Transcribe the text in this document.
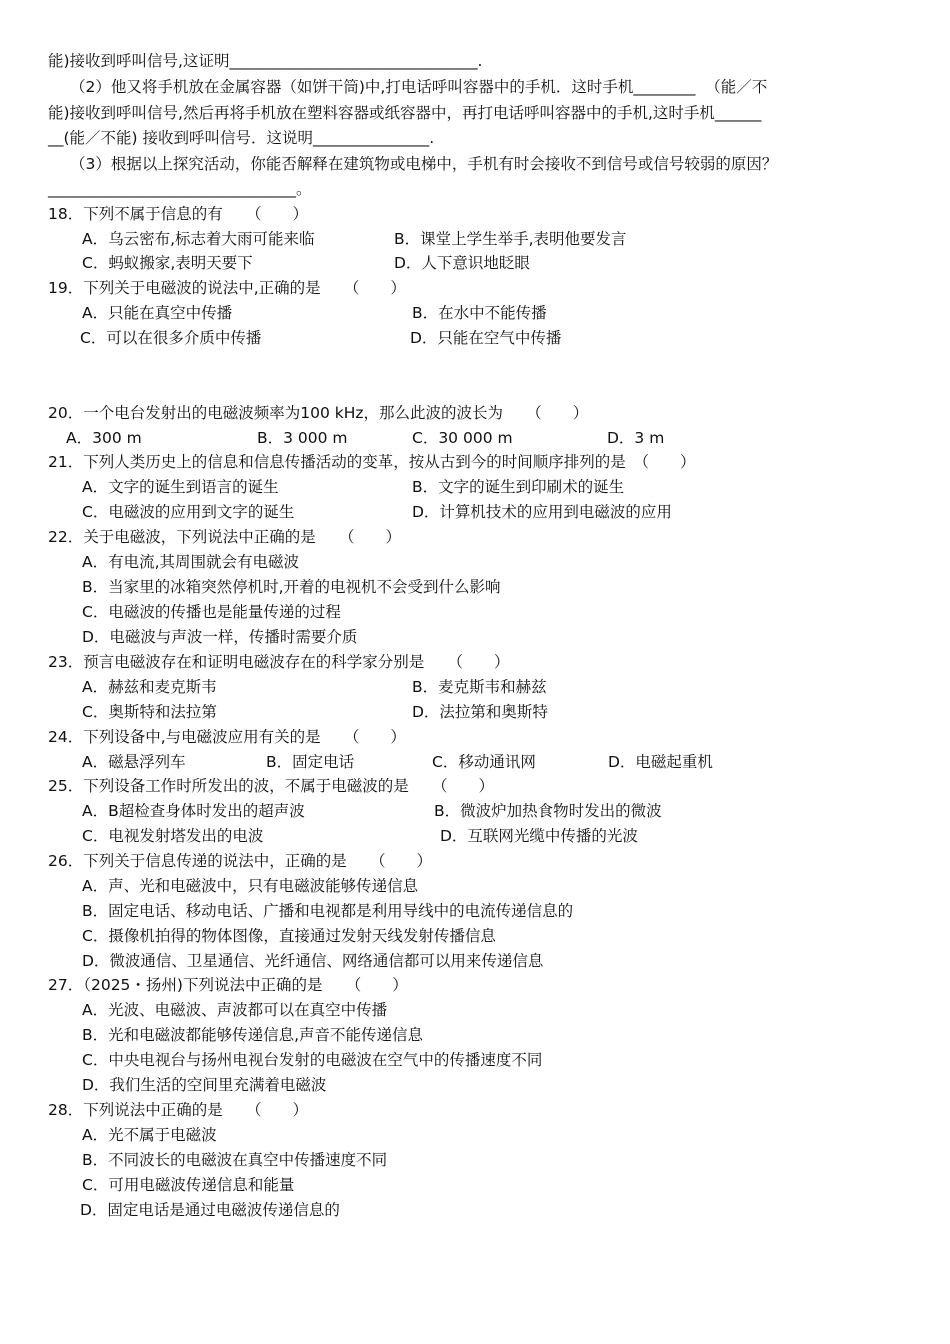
能)接收到呼叫信号,这证明________________________________.
（2）他又将手机放在金属容器（如饼干筒)中,打电话呼叫容器中的手机．这时手机________  （能／不
能)接收到呼叫信号,然后再将手机放在塑料容器或纸容器中，再打电话呼叫容器中的手机,这时手机______
__(能／不能) 接收到呼叫信号．这说明_______________.
（3）根据以上探究活动，你能否解释在建筑物或电梯中，手机有时会接收不到信号或信号较弱的原因？
________________________________。
18．下列不属于信息的有　　（　　）
A．乌云密布,标志着大雨可能来临	B．课堂上学生举手,表明他要发言
C．蚂蚁搬家,表明天要下	D．人下意识地眨眼
19．下列关于电磁波的说法中,正确的是　　（　　）
A．只能在真空中传播	B．在水中不能传播
C．可以在很多介质中传播	D．只能在空气中传播
20．一个电台发射出的电磁波频率为100 kHz，那么此波的波长为　　（　　）
A．300 m	B．3 000 m	C．30 000 m	D．3 m
21．下列人类历史上的信息和信息传播活动的变革，按从古到今的时间顺序排列的是　（　　）
A．文字的诞生到语言的诞生	B．文字的诞生到印刷术的诞生
C．电磁波的应用到文字的诞生	D．计算机技术的应用到电磁波的应用
22．关于电磁波，下列说法中正确的是　　（　　）
A．有电流,其周围就会有电磁波
B．当家里的冰箱突然停机时,开着的电视机不会受到什么影响
C．电磁波的传播也是能量传递的过程
D．电磁波与声波一样，传播时需要介质
23．预言电磁波存在和证明电磁波存在的科学家分别是　　（　　）
A．赫兹和麦克斯韦	B．麦克斯韦和赫兹
C．奥斯特和法拉第	D．法拉第和奥斯特
24．下列设备中,与电磁波应用有关的是　　（　　）
A．磁悬浮列车	B．固定电话	C．移动通讯网	D．电磁起重机
25．下列设备工作时所发出的波，不属于电磁波的是　　（　　）
A．B超检查身体时发出的超声波	B．微波炉加热食物时发出的微波
C．电视发射塔发出的电波	D．互联网光缆中传播的光波
26．下列关于信息传递的说法中，正确的是　　（　　）
A．声、光和电磁波中，只有电磁波能够传递信息
B．固定电话、移动电话、广播和电视都是利用导线中的电流传递信息的
C．摄像机拍得的物体图像，直接通过发射天线发射传播信息
D．微波通信、卫星通信、光纤通信、网络通信都可以用来传递信息
27．（2025・扬州)下列说法中正确的是　　（　　）
A．光波、电磁波、声波都可以在真空中传播
B．光和电磁波都能够传递信息,声音不能传递信息
C．中央电视台与扬州电视台发射的电磁波在空气中的传播速度不同
D．我们生活的空间里充满着电磁波
28．下列说法中正确的是　　（　　）
A．光不属于电磁波
B．不同波长的电磁波在真空中传播速度不同
C．可用电磁波传递信息和能量
D．固定电话是通过电磁波传递信息的
